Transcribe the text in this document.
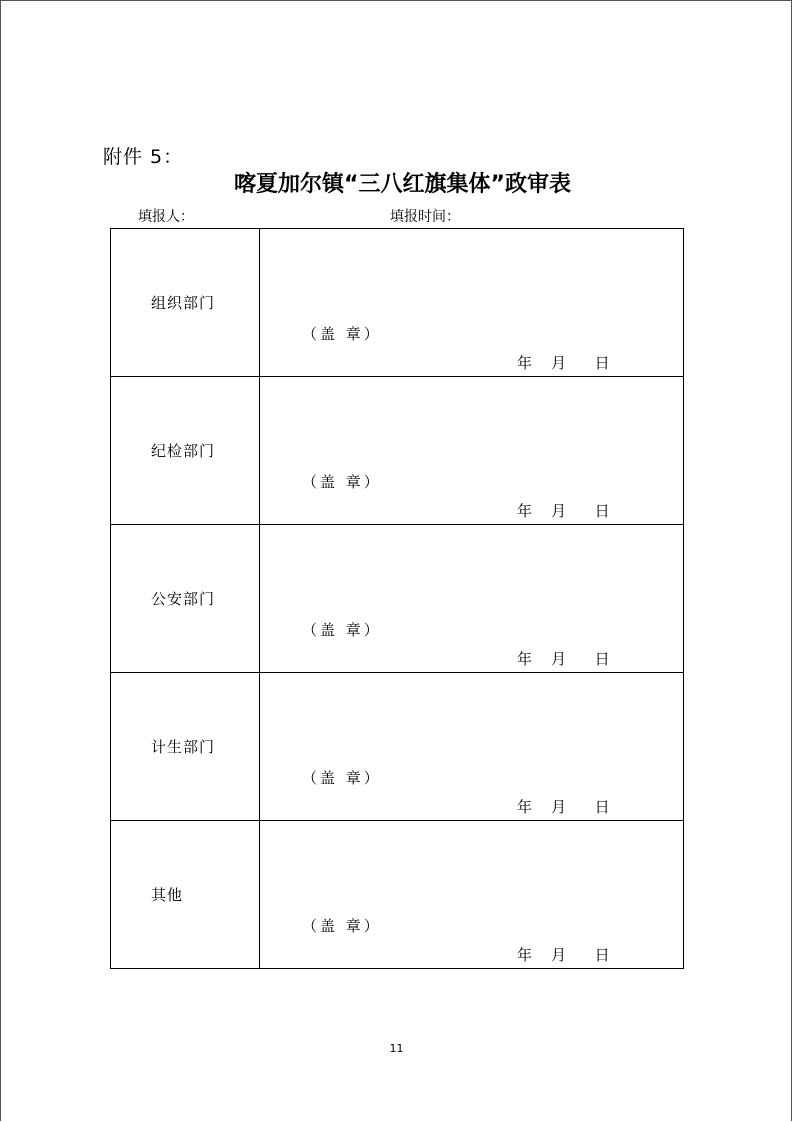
附件 5：
喀夏加尔镇“三八红旗集体”政审表
填报人：	填报时间：
组织部门	（盖 章）
年    月      日

纪检部门	（盖 章）
年    月      日

公安部门	（盖 章）
年    月      日

计生部门	（盖 章）
年    月      日

其他	（盖 章）
年    月      日
11
